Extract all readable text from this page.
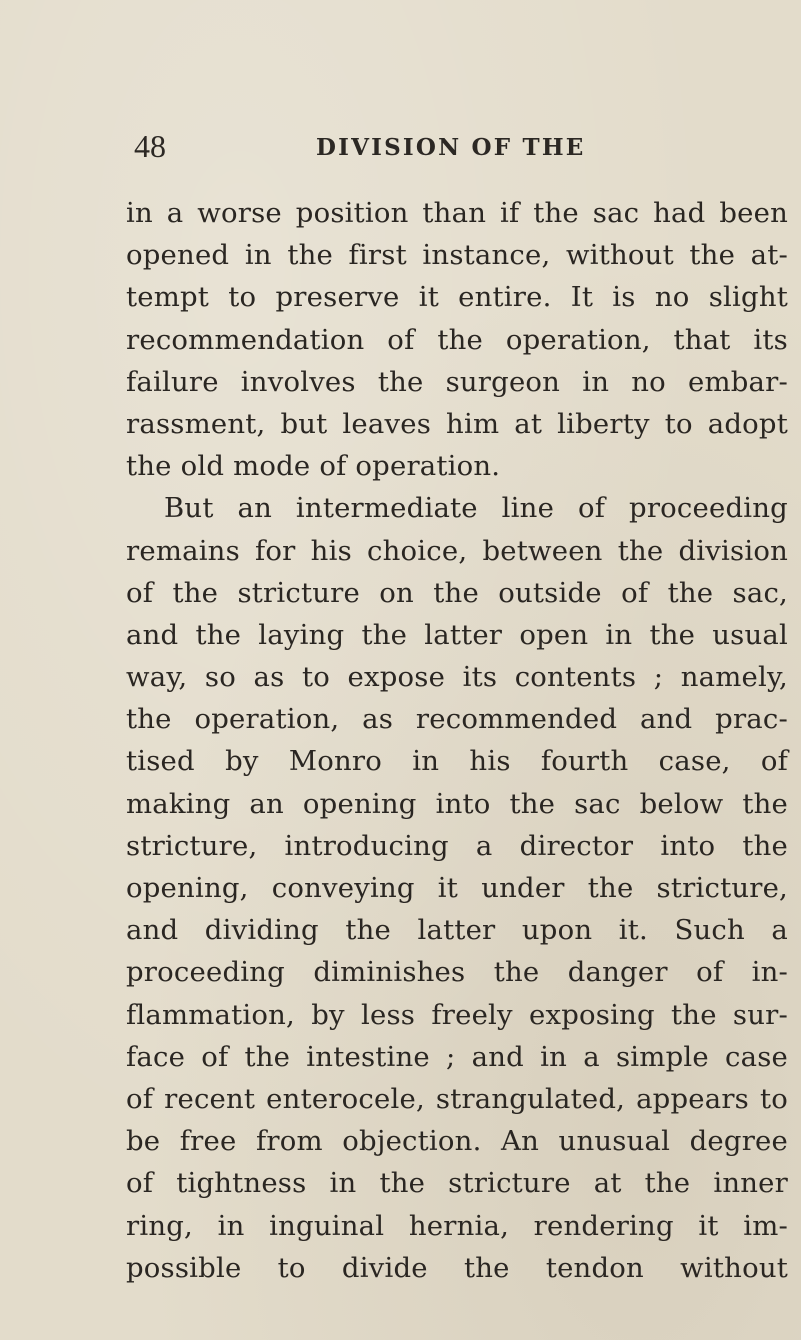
48	DIVISION OF THE
in a worse position than if the sac had been
opened in the first instance, without the at-
tempt to preserve it entire. It is no slight
recommendation of the operation, that its
failure involves the surgeon in no embar-
rassment, but leaves him at liberty to adopt
the old mode of operation.
But an intermediate line of proceeding
remains for his choice, between the division
of the stricture on the outside of the sac,
and the laying the latter open in the usual
way, so as to expose its contents ; namely,
the operation, as recommended and prac-
tised by Monro in his fourth case, of
making an opening into the sac below the
stricture, introducing a director into the
opening, conveying it under the stricture,
and dividing the latter upon it. Such a
proceeding diminishes the danger of in-
flammation, by less freely exposing the sur-
face of the intestine ; and in a simple case
of recent enterocele, strangulated, appears to
be free from objection. An unusual degree
of tightness in the stricture at the inner
ring, in inguinal hernia, rendering it im-
possible to divide the tendon without
